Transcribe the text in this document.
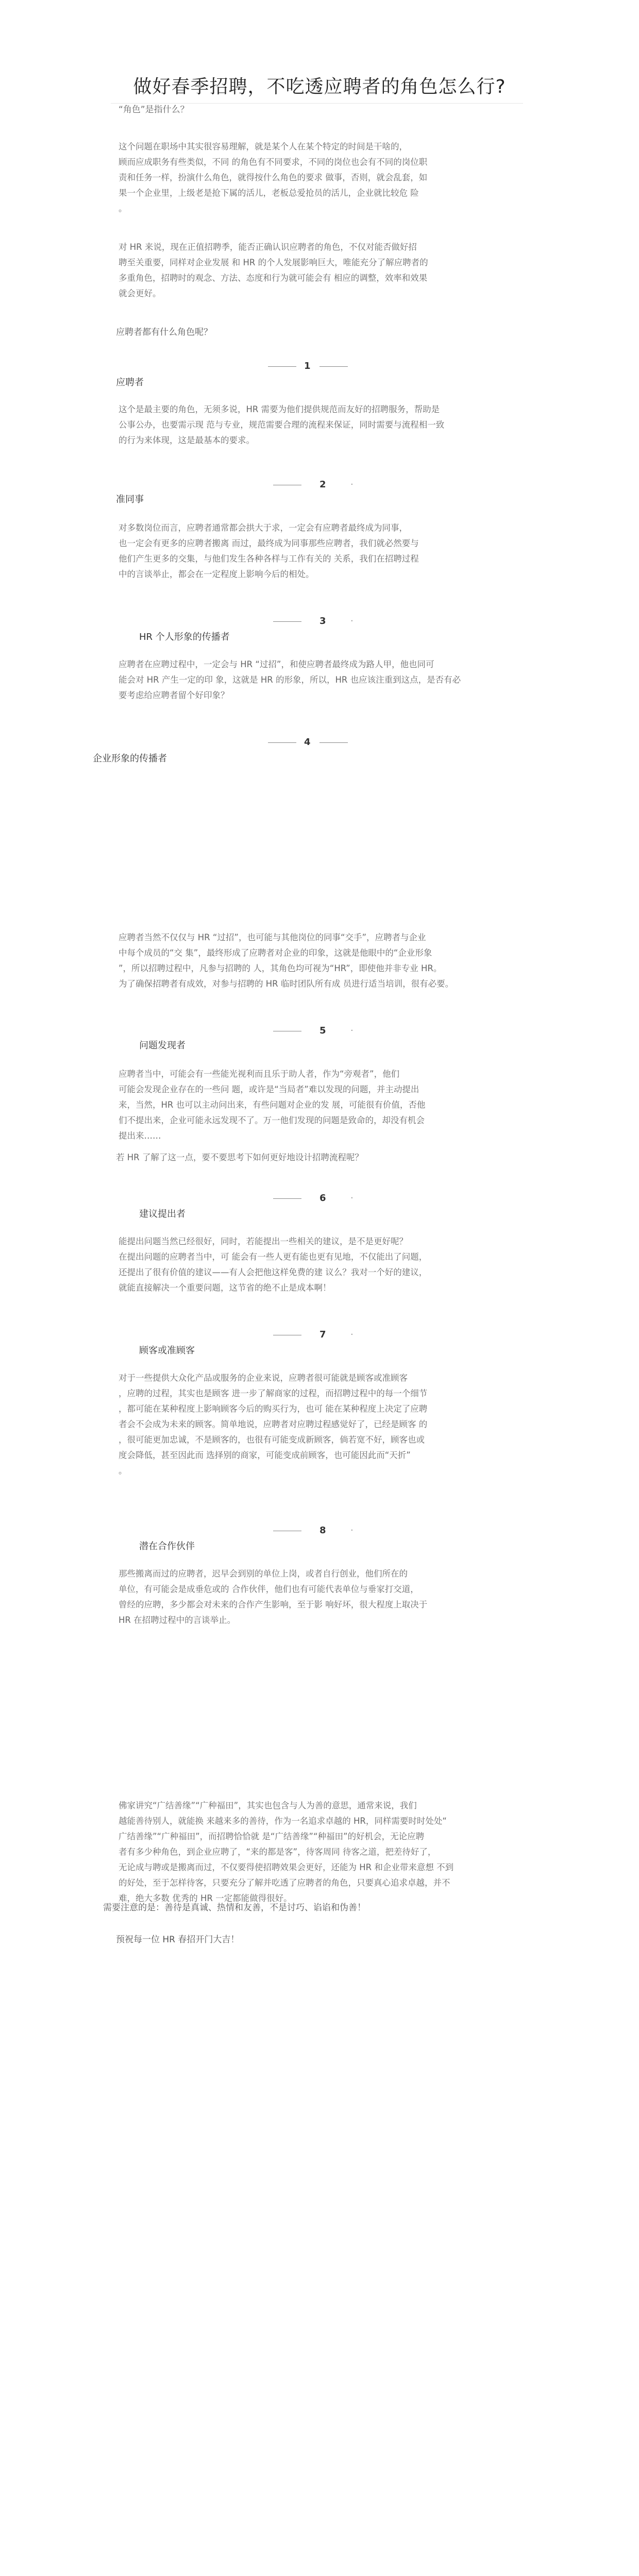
做好春季招聘，不吃透应聘者的角色怎么行?
“角色”是指什么？
这个问题在职场中其实很容易理解，就是某个人在某个特定的时间是干啥的，
顾而应成职务有些类似，不同 的角色有不同要求，不同的岗位也会有不同的岗位职
责和任务一样，扮演什么角色，就得按什么角色的要求 做事，否则，就会乱套，如
果一个企业里，上级老是抢下属的活儿，老板总爱抢员的活儿，企业就比较危 险
。
对 HR 来说，现在正值招聘季，能否正确认识应聘者的角色，不仅对能否做好招
聘至关重要，同样对企业发展 和 HR 的个人发展影响巨大，唯能充分了解应聘者的
多重角色，招聘时的观念、方法、态度和行为就可能会有 相应的调整，效率和效果
就会更好。
应聘者都有什么角色呢？
1
应聘者
这个是最主要的角色，无须多说，HR 需要为他们提供规范而友好的招聘服务，帮助是
公事公办，也要需示现 范与专业，规范需要合理的流程来保证，同时需要与流程相一致
的行为来体现，这是最基本的要求。
2	·
准同事
对多数岗位而言，应聘者通常都会拱大于求，一定会有应聘者最终成为同事，
也一定会有更多的应聘者搬离 而过，最终成为同事那些应聘者，我们就必然要与
他们产生更多的交集，与他们发生各种各样与工作有关的 关系，我们在招聘过程
中的言谈举止，都会在一定程度上影响今后的相处。
3	·
HR 个人形象的传播者
应聘者在应聘过程中，一定会与 HR “过招”，和使应聘者最终成为路人甲，他也同可
能会对 HR 产生一定的印 象，这就是 HR 的形象，所以，HR 也应该注重到这点，是否有必
要考虑给应聘者留个好印象？
4
企业形象的传播者
应聘者当然不仅仅与 HR “过招”，也可能与其他岗位的同事“交手”，应聘者与企业
中每个成员的“交 集”，最终形成了应聘者对企业的印象，这就是他眼中的“企业形象
”，所以招聘过程中，凡参与招聘的 人，其角色均可视为“HR”，即使他并非专业 HR。
为了确保招聘者有成效，对参与招聘的 HR 临时团队所有成 员进行适当培训，很有必要。
5	·
问题发现者
应聘者当中，可能会有一些能光视利而且乐于助人者，作为“旁观者”，他们
可能会发现企业存在的一些问 题，或许是“当局者”难以发现的问题，并主动提出
来，当然，HR 也可以主动问出来，有些问题对企业的发 展，可能很有价值，否他
们不提出来，企业可能永远发现不了。万一他们发现的问题是致命的，却没有机会
提出来……
若 HR 了解了这一点，要不要思考下如何更好地设计招聘流程呢？
6	·
建议提出者
能提出问题当然已经很好，同时，若能提出一些相关的建议，是不是更好呢？
在提出问题的应聘者当中，可 能会有一些人更有能也更有见地，不仅能出了问题，
还提出了很有价值的建议——有人会把他这样免费的建 议么？我对一个好的建议，
就能直接解决一个重要问题，这节省的绝不止是成本啊！
7	·
顾客或准顾客
对于一些提供大众化产品或服务的企业来说，应聘者很可能就是顾客或准顾客
，应聘的过程，其实也是顾客 进一步了解商家的过程，而招聘过程中的每一个细节
，都可能在某种程度上影响顾客今后的购买行为，也可 能在某种程度上决定了应聘
者会不会成为未来的顾客。简单地说，应聘者对应聘过程感觉好了，已经是顾客 的
，很可能更加忠诚，不是顾客的，也很有可能变成新顾客，倘若宽不好，顾客也或
度会降低，甚至因此而 选择别的商家，可能变成前顾客，也可能因此而“天折”
。
8	·
潜在合作伙伴
那些搬离而过的应聘者，迟早会到别的单位上岗，或者自行创业，他们所在的
单位，有可能会是成垂危或的 合作伙伴，他们也有可能代表单位与垂家打交道，
曾经的应聘，多少都会对未来的合作产生影响，至于影 响好坏，很大程度上取决于
HR 在招聘过程中的言谈举止。
佛家讲究“广结善缘”“广种福田”，其实也包含与人为善的意思，通常来说，我们
越能善待别人，就能换 来越来多的善待，作为一名追求卓越的 HR，同样需要时时处处“
广结善缘”“广种福田”，而招聘恰恰就 是“广结善缘”“种福田”的好机会，无论应聘
者有多少种角色，到企业应聘了，“来的都是客”，待客周同 待客之道，把差待好了，
无论成与聘或是搬离而过，不仅要得使招聘效果会更好，还能为 HR 和企业带来意想 不到
的好处，至于怎样待客，只要充分了解并吃透了应聘者的角色，只要真心追求卓越，并不
难，绝大多数 优秀的 HR 一定都能做得很好。
需要注意的是：善待是真诚、热情和友善，不是讨巧、谄谄和伪善！
预祝每一位 HR 春招开门大吉！
